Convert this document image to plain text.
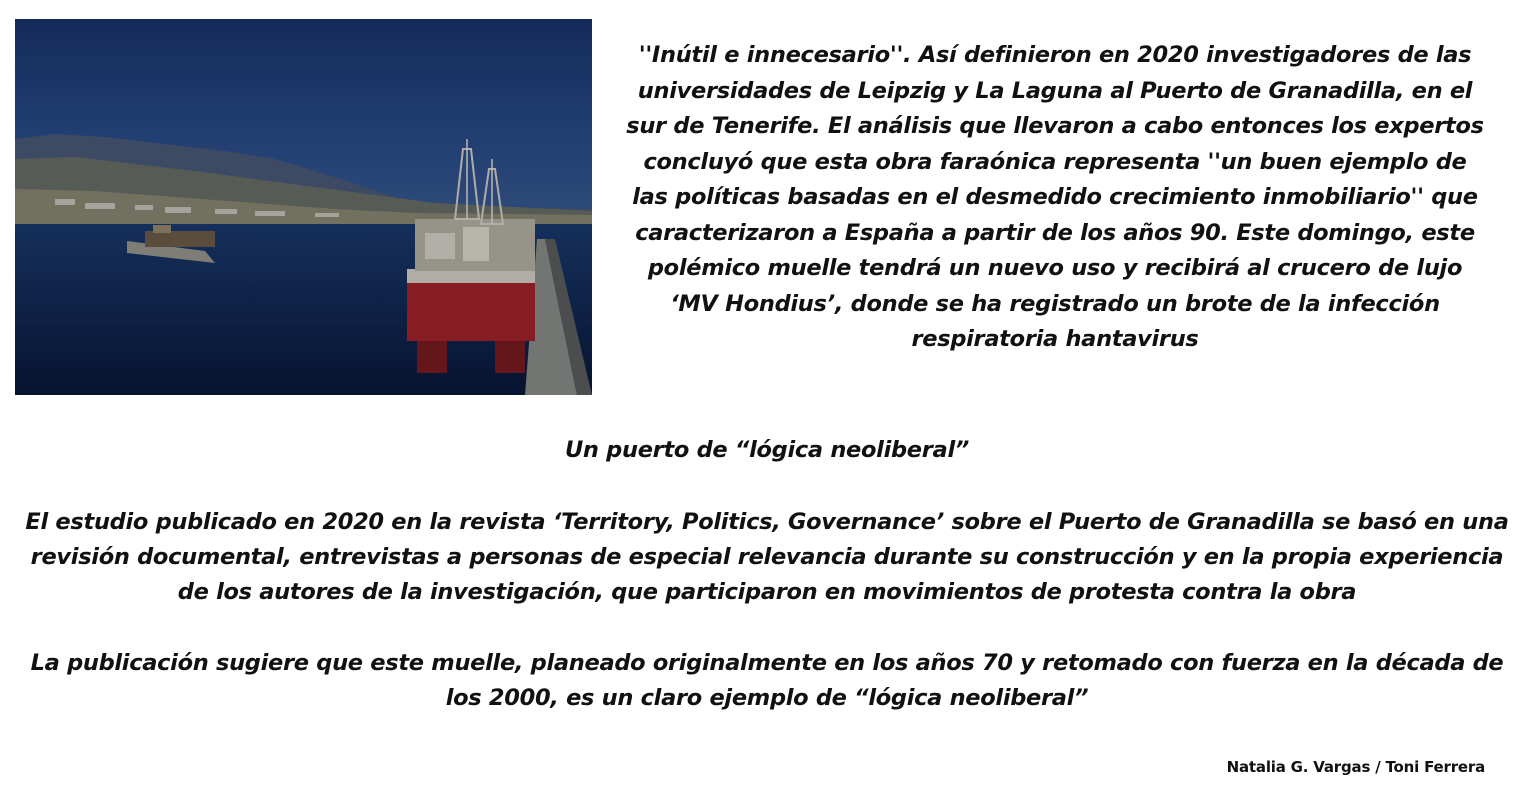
''Inútil e innecesario''. Así definieron en 2020 investigadores de las universidades de Leipzig y La Laguna al Puerto de Granadilla, en el sur de Tenerife. El análisis que llevaron a cabo entonces los expertos concluyó que esta obra faraónica representa ''un buen ejemplo de las políticas basadas en el desmedido crecimiento inmobiliario'' que caracterizaron a España a partir de los años 90. Este domingo, este polémico muelle tendrá un nuevo uso y recibirá al crucero de lujo ‘MV Hondius’, donde se ha registrado un brote de la infección respiratoria hantavirus

Un puerto de “lógica neoliberal”

El estudio publicado en 2020 en la revista ‘Territory, Politics, Governance’ sobre el Puerto de Granadilla se basó en una revisión documental, entrevistas a personas de especial relevancia durante su construcción y en la propia experiencia de los autores de la investigación, que participaron en movimientos de protesta contra la obra

La publicación sugiere que este muelle, planeado originalmente en los años 70 y retomado con fuerza en la década de los 2000, es un claro ejemplo de “lógica neoliberal”

Natalia G. Vargas / Toni Ferrera
